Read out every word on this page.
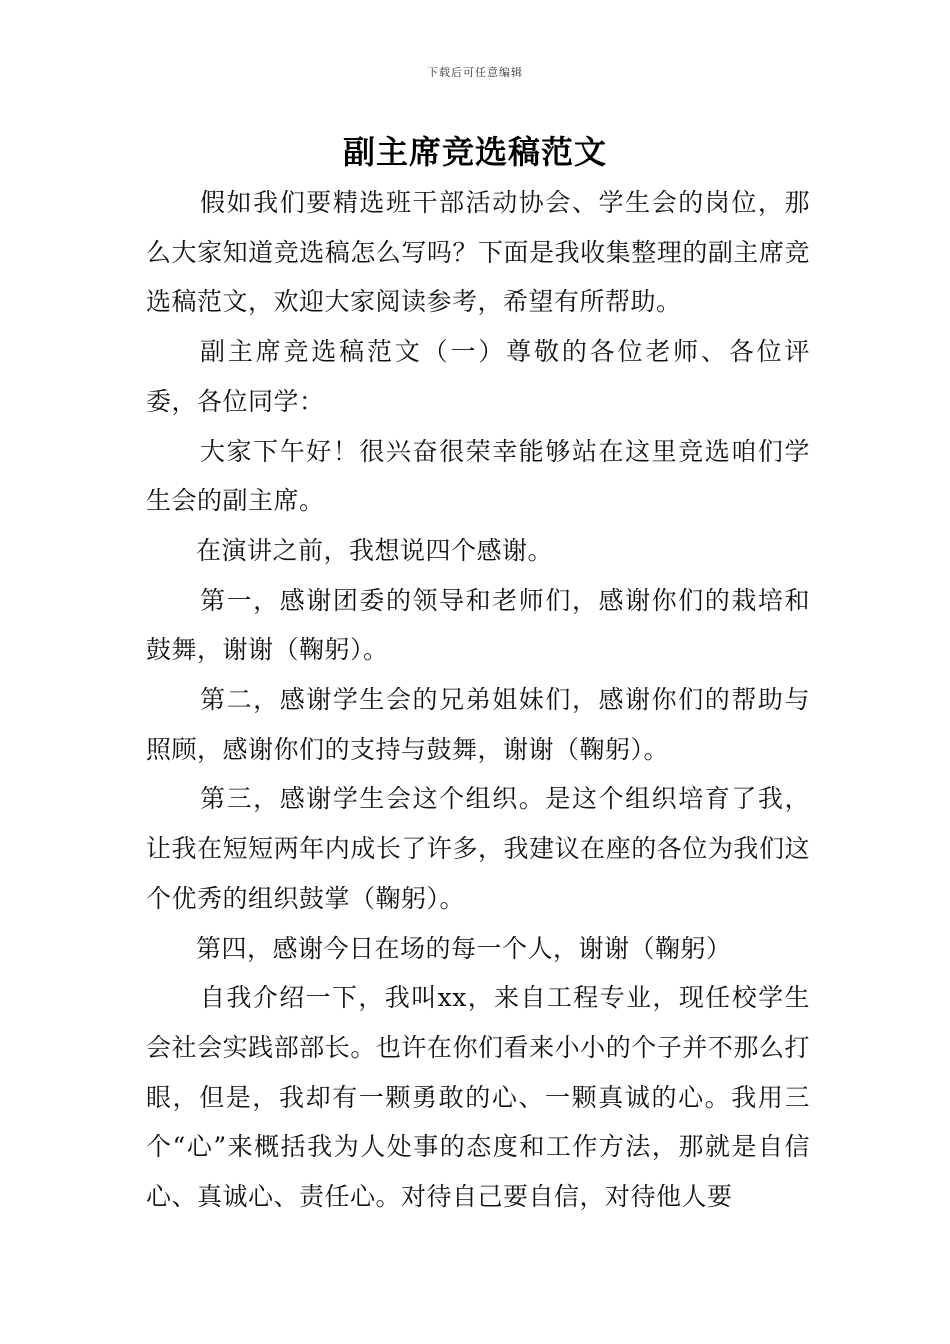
下载后可任意编辑
副主席竞选稿范文

假如我们要精选班干部活动协会、学生会的岗位，那么大家知道竞选稿怎么写吗？下面是我收集整理的副主席竞选稿范文，欢迎大家阅读参考，希望有所帮助。

副主席竞选稿范文（一）尊敬的各位老师、各位评委，各位同学：

大家下午好！很兴奋很荣幸能够站在这里竞选咱们学生会的副主席。

在演讲之前，我想说四个感谢。

第一，感谢团委的领导和老师们，感谢你们的栽培和鼓舞，谢谢（鞠躬）。

第二，感谢学生会的兄弟姐妹们，感谢你们的帮助与照顾，感谢你们的支持与鼓舞，谢谢（鞠躬）。

第三，感谢学生会这个组织。是这个组织培育了我，让我在短短两年内成长了许多，我建议在座的各位为我们这个优秀的组织鼓掌（鞠躬）。

第四，感谢今日在场的每一个人，谢谢（鞠躬）

自我介绍一下，我叫xx，来自工程专业，现任校学生会社会实践部部长。也许在你们看来小小的个子并不那么打眼，但是，我却有一颗勇敢的心、一颗真诚的心。我用三个“心”来概括我为人处事的态度和工作方法，那就是自信心、真诚心、责任心。对待自己要自信，对待他人要
